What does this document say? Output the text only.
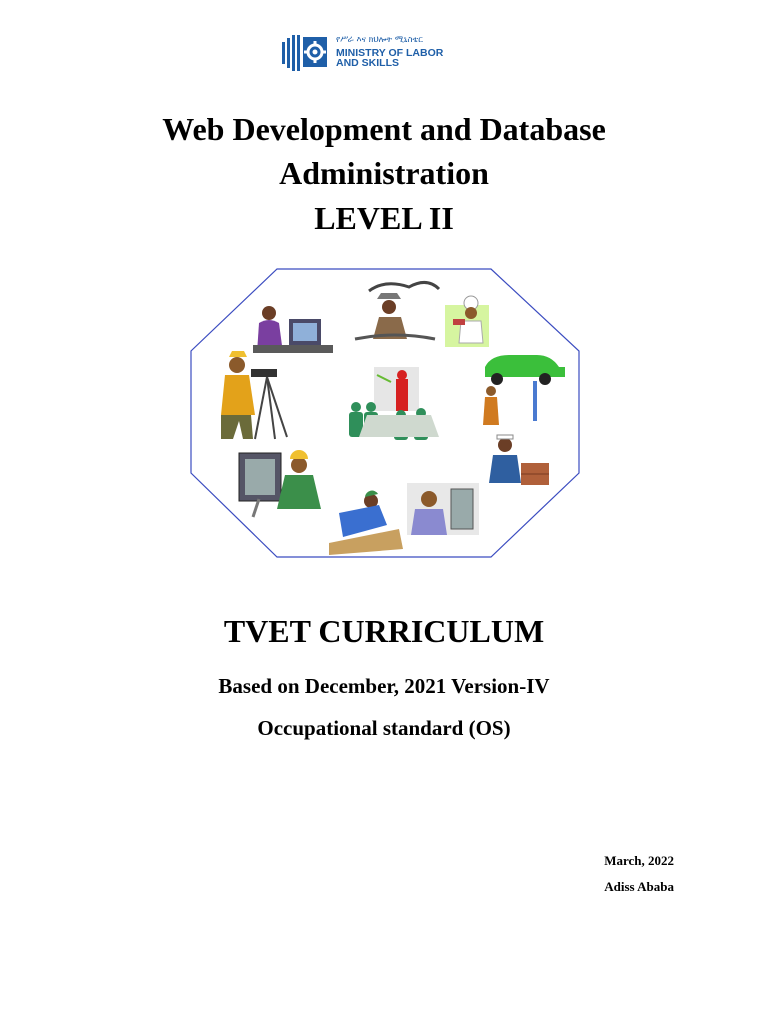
የሥራ እና ክህሎት ሚኒስቴር
MINISTRY OF LABOR
AND SKILLS
Web Development and Database
Administration
LEVEL II
TVET CURRICULUM
Based on December, 2021 Version-IV
Occupational standard (OS)
March, 2022
Adiss Ababa
